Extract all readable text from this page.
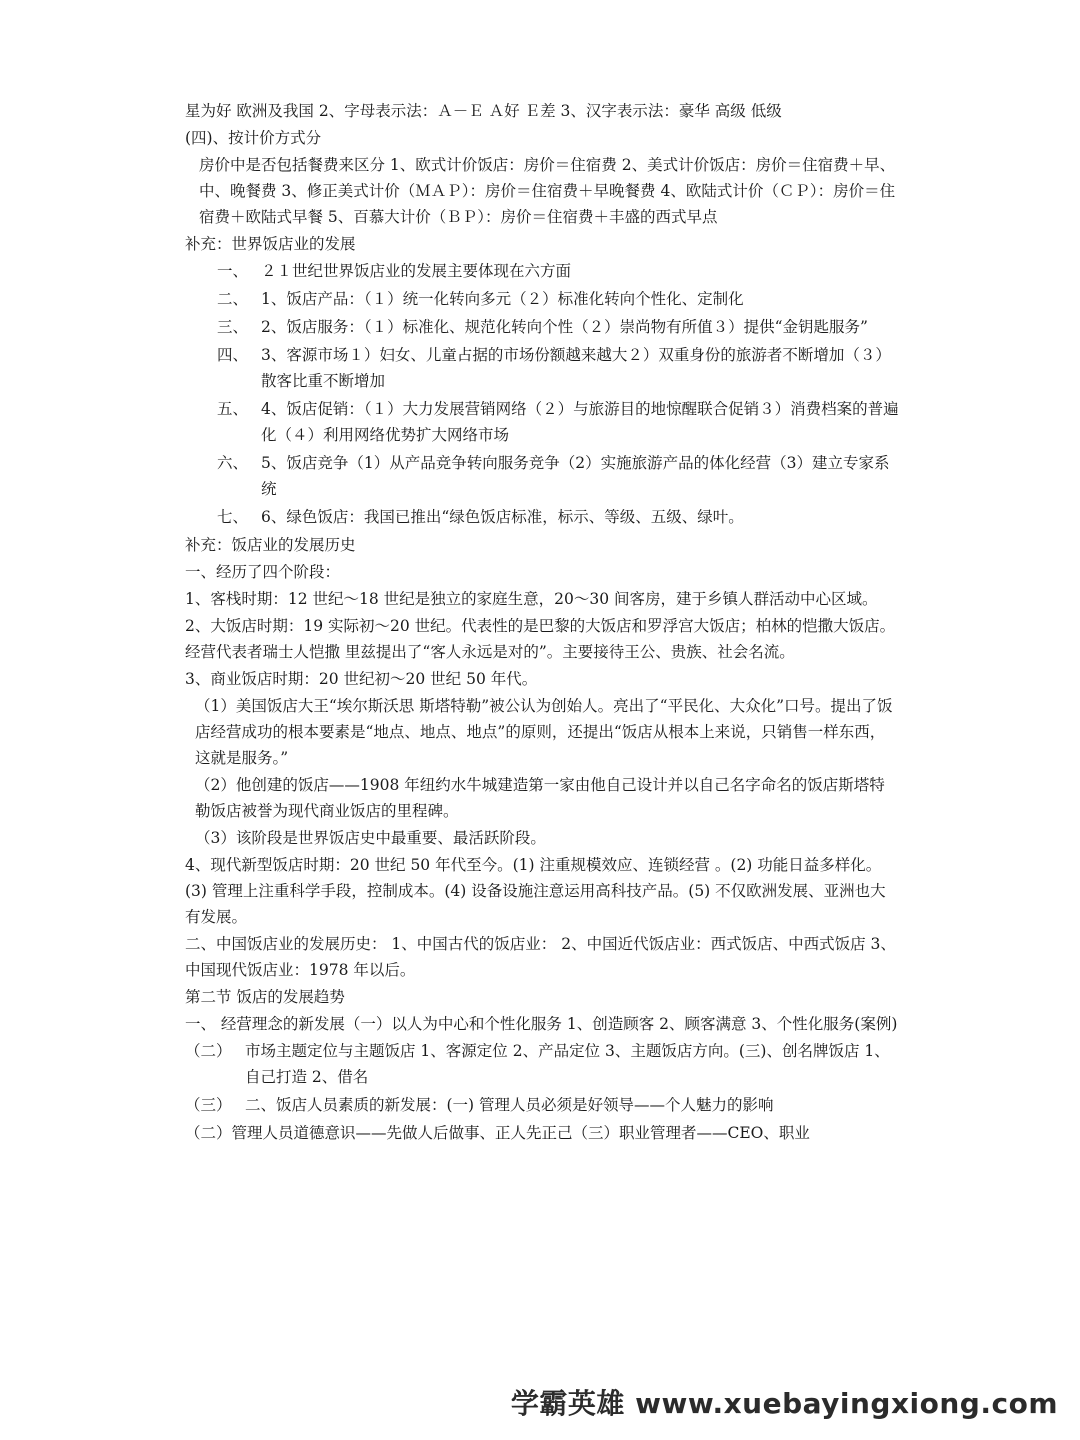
星为好 欧洲及我国 2、字母表示法：Ａ－Ｅ Ａ好 Ｅ差 3、汉字表示法：豪华 高级 低级

(四)、按计价方式分

房价中是否包括餐费来区分 1、欧式计价饭店：房价＝住宿费 2、美式计价饭店：房价＝住宿费＋早、中、晚餐费 3、修正美式计价（ＭＡＰ）：房价＝住宿费＋早晚餐费 4、欧陆式计价（ＣＰ）：房价＝住宿费＋欧陆式早餐 5、百慕大计价（ＢＰ）：房价＝住宿费＋丰盛的西式早点

补充：世界饭店业的发展

一、 ２１世纪世界饭店业的发展主要体现在六方面
二、 1、饭店产品：（１）统一化转向多元（２）标准化转向个性化、定制化
三、 2、饭店服务：（１）标准化、规范化转向个性（２）崇尚物有所值３）提供“金钥匙服务”
四、 3、客源市场１）妇女、儿童占据的市场份额越来越大２）双重身份的旅游者不断增加（３）散客比重不断增加
五、 4、饭店促销：（１）大力发展营销网络（２）与旅游目的地惊醒联合促销３）消费档案的普遍化（４）利用网络优势扩大网络市场
六、 5、饭店竞争（1）从产品竞争转向服务竞争（2）实施旅游产品的体化经营（3）建立专家系统
七、 6、绿色饭店：我国已推出“绿色饭店标准，标示、等级、五级、绿叶。

补充：饭店业的发展历史

一、经历了四个阶段：

1、客栈时期：12 世纪～18 世纪是独立的家庭生意，20～30 间客房，建于乡镇人群活动中心区域。

2、大饭店时期：19 实际初～20 世纪。代表性的是巴黎的大饭店和罗浮宫大饭店；柏林的恺撒大饭店。经营代表者瑞士人恺撒 里兹提出了“客人永远是对的”。主要接待王公、贵族、社会名流。

3、商业饭店时期：20 世纪初～20 世纪 50 年代。

（1）美国饭店大王“埃尔斯沃思 斯塔特勒”被公认为创始人。亮出了“平民化、大众化”口号。提出了饭店经营成功的根本要素是“地点、地点、地点”的原则，还提出“饭店从根本上来说，只销售一样东西，这就是服务。”

（2）他创建的饭店——1908 年纽约水牛城建造第一家由他自己设计并以自己名字命名的饭店斯塔特勒饭店被誉为现代商业饭店的里程碑。

（3）该阶段是世界饭店史中最重要、最活跃阶段。

4、现代新型饭店时期：20 世纪 50 年代至今。(1) 注重规模效应、连锁经营 。(2) 功能日益多样化。(3) 管理上注重科学手段，控制成本。(4) 设备设施注意运用高科技产品。(5) 不仅欧洲发展、亚洲也大有发展。

二、中国饭店业的发展历史： 1、中国古代的饭店业： 2、中国近代饭店业：西式饭店、中西式饭店 3、中国现代饭店业：1978 年以后。

第二节 饭店的发展趋势

一、 经营理念的新发展（一）以人为中心和个性化服务 1、创造顾客 2、顾客满意 3、个性化服务(案例)

（二） 市场主题定位与主题饭店 1、客源定位 2、产品定位 3、主题饭店方向。(三)、创名牌饭店 1、自己打造 2、借名
（三） 二、饭店人员素质的新发展：(一) 管理人员必须是好领导——个人魅力的影响

（二）管理人员道德意识——先做人后做事、正人先正己（三）职业管理者——CEO、职业

学霸英雄 www.xuebayingxiong.com
